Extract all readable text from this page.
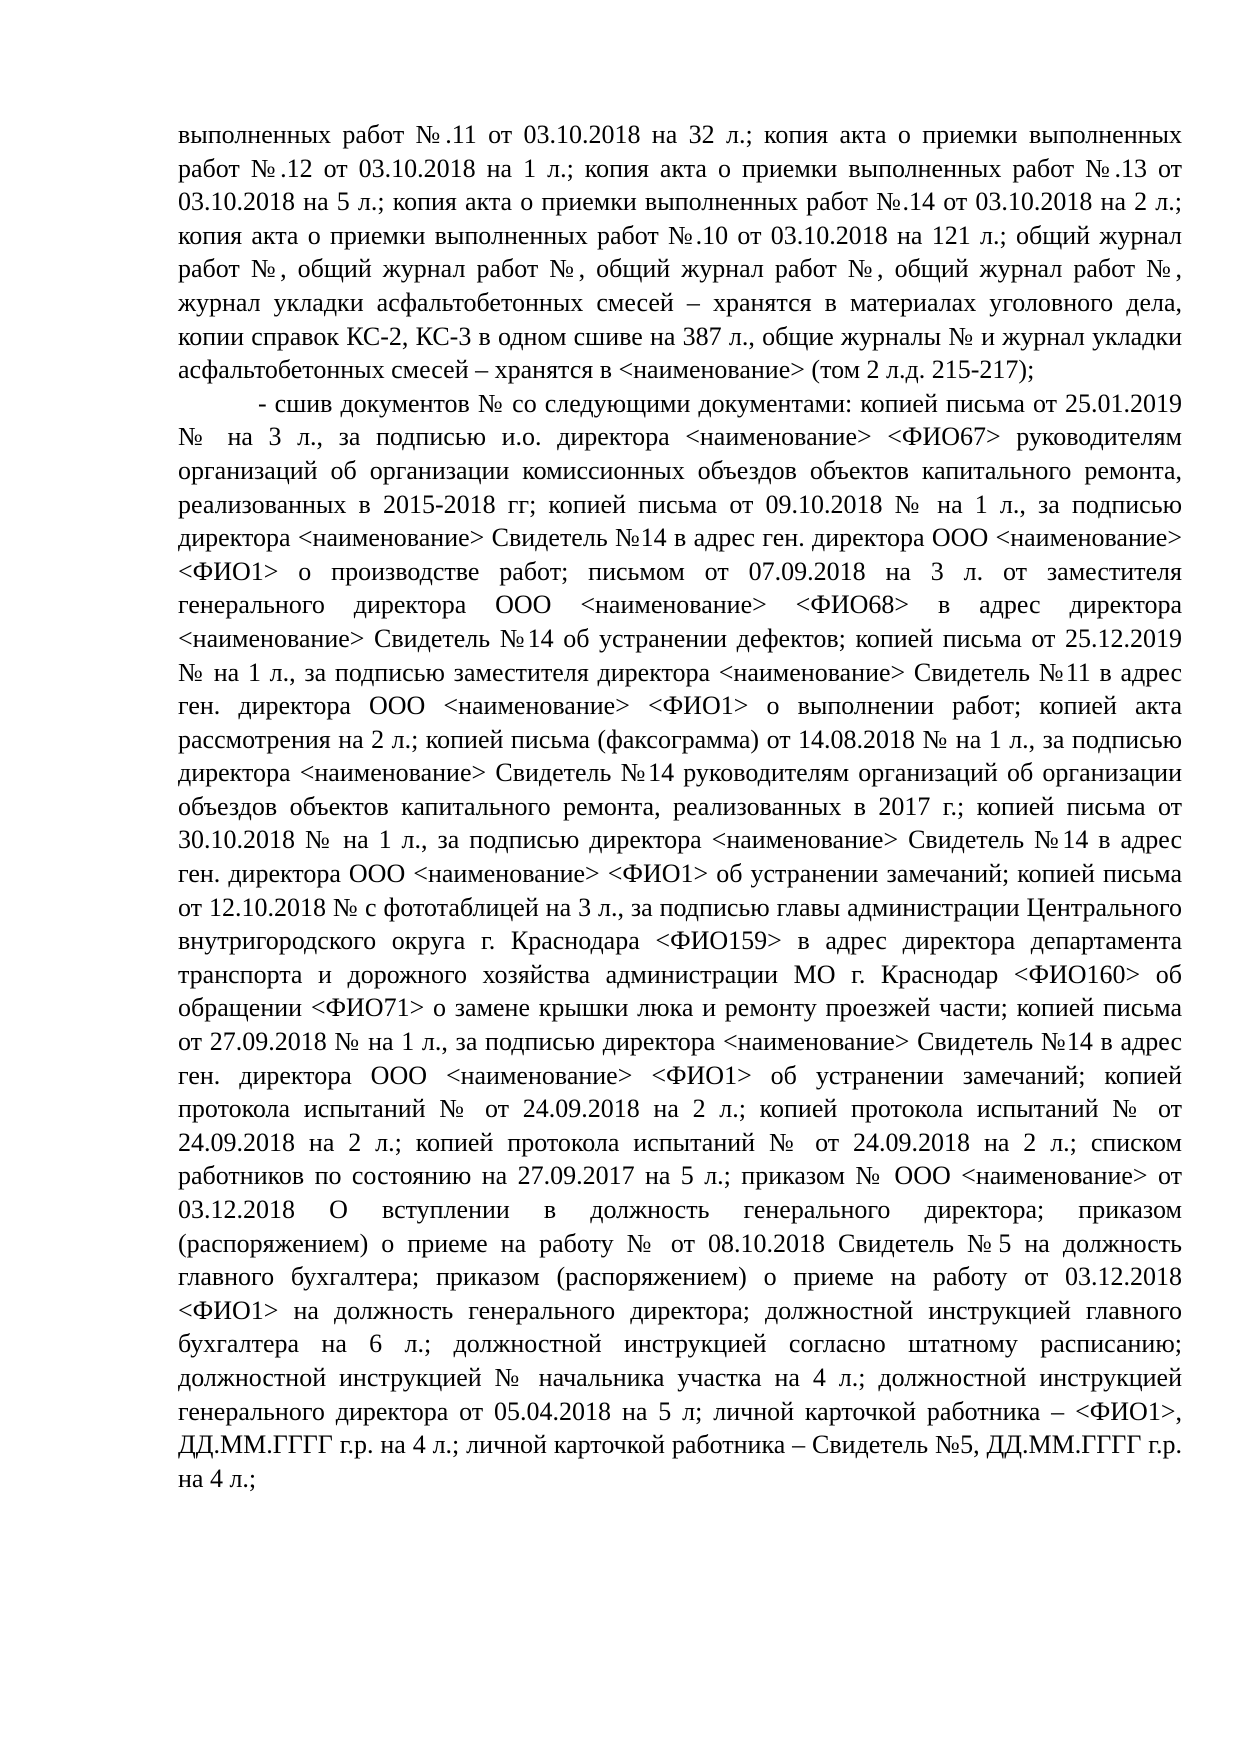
выполненных работ №.11 от 03.10.2018 на 32 л.; копия акта о приемки выполненных работ №.12 от 03.10.2018 на 1 л.; копия акта о приемки выполненных работ №.13 от 03.10.2018 на 5 л.; копия акта о приемки выполненных работ №.14 от 03.10.2018 на 2 л.; копия акта о приемки выполненных работ №.10 от 03.10.2018 на 121 л.; общий журнал работ №, общий журнал работ №, общий журнал работ №, общий журнал работ №, журнал укладки асфальтобетонных смесей – хранятся в материалах уголовного дела, копии справок КС-2, КС-3 в одном сшиве на 387 л., общие журналы № и журнал укладки асфальтобетонных смесей – хранятся в <наименование> (том 2 л.д. 215-217);

- сшив документов № со следующими документами: копией письма от 25.01.2019 № на 3 л., за подписью и.о. директора <наименование> <ФИО67> руководителям организаций об организации комиссионных объездов объектов капитального ремонта, реализованных в 2015-2018 гг; копией письма от 09.10.2018 № на 1 л., за подписью директора <наименование> Свидетель №14 в адрес ген. директора ООО <наименование> <ФИО1> о производстве работ; письмом от 07.09.2018 на 3 л. от заместителя генерального директора ООО <наименование> <ФИО68> в адрес директора <наименование> Свидетель №14 об устранении дефектов; копией письма от 25.12.2019 № на 1 л., за подписью заместителя директора <наименование> Свидетель №11 в адрес ген. директора ООО <наименование> <ФИО1> о выполнении работ; копией акта рассмотрения на 2 л.; копией письма (факсограмма) от 14.08.2018 № на 1 л., за подписью директора <наименование> Свидетель №14 руководителям организаций об организации объездов объектов капитального ремонта, реализованных в 2017 г.; копией письма от 30.10.2018 № на 1 л., за подписью директора <наименование> Свидетель №14 в адрес ген. директора ООО <наименование> <ФИО1> об устранении замечаний; копией письма от 12.10.2018 № с фототаблицей на 3 л., за подписью главы администрации Центрального внутригородского округа г. Краснодара <ФИО159> в адрес директора департамента транспорта и дорожного хозяйства администрации МО г. Краснодар <ФИО160> об обращении <ФИО71> о замене крышки люка и ремонту проезжей части; копией письма от 27.09.2018 № на 1 л., за подписью директора <наименование> Свидетель №14 в адрес ген. директора ООО <наименование> <ФИО1> об устранении замечаний; копией протокола испытаний № от 24.09.2018 на 2 л.; копией протокола испытаний № от 24.09.2018 на 2 л.; копией протокола испытаний № от 24.09.2018 на 2 л.; списком работников по состоянию на 27.09.2017 на 5 л.; приказом № ООО <наименование> от 03.12.2018 О вступлении в должность генерального директора; приказом (распоряжением) о приеме на работу № от 08.10.2018 Свидетель №5 на должность главного бухгалтера; приказом (распоряжением) о приеме на работу от 03.12.2018 <ФИО1> на должность генерального директора; должностной инструкцией главного бухгалтера на 6 л.; должностной инструкцией согласно штатному расписанию; должностной инструкцией № начальника участка на 4 л.; должностной инструкцией генерального директора от 05.04.2018 на 5 л; личной карточкой работника – <ФИО1>, ДД.ММ.ГГГГ г.р. на 4 л.; личной карточкой работника – Свидетель №5, ДД.ММ.ГГГГ г.р. на 4 л.;
